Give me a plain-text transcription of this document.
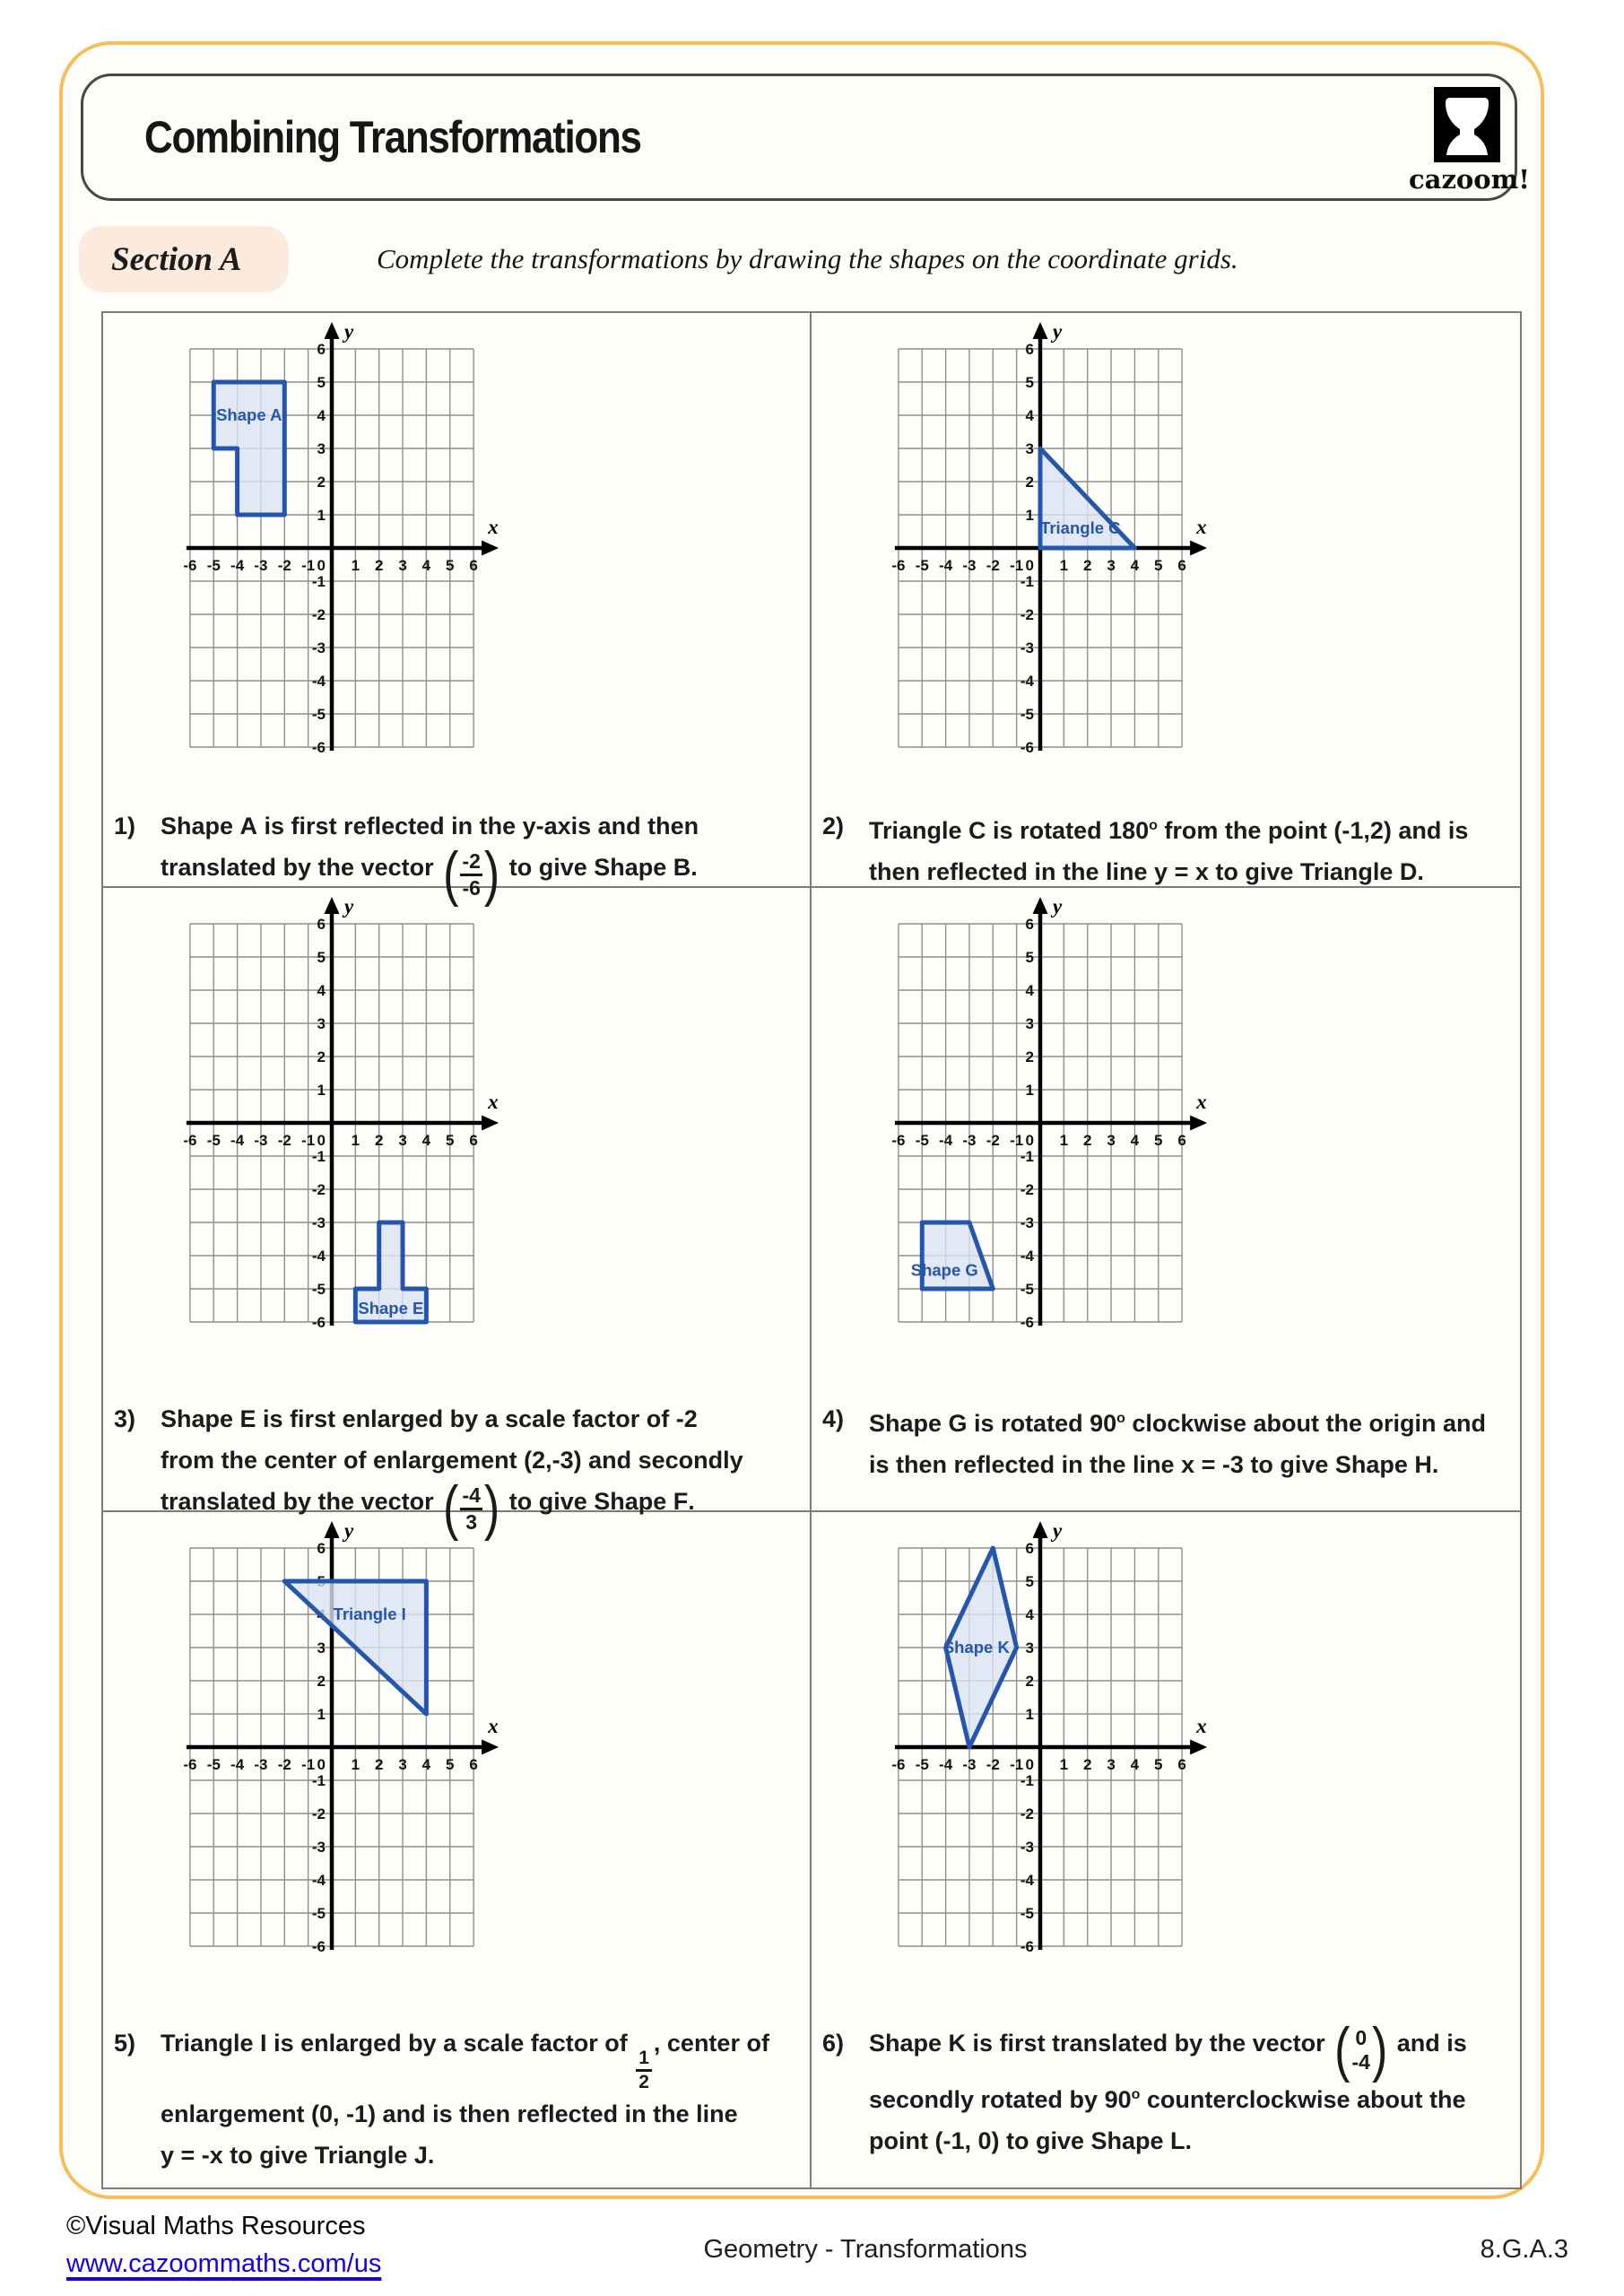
Combining Transformations
cazoom!
Section A	Complete the transformations by drawing the shapes on the coordinate grids.
-6
-6
-5
-5
-4
-4
-3
-3
-2
-2
-1
-1
0 1
1
2
2
3
3
4
4
5
5
6
6
x
y
Shape A
1)	Shape A is first reflected in the y-axis and then
translated by the vector ( -2
-6 ) to give Shape B.
-6
-6
-5
-5
-4
-4
-3
-3
-2
-2
-1
-1
0 1
1
2
2
3
3
4
4
5
5
6
6
x
y
Triangle C
2)	Triangle C is rotated 180$^o$ from the point (-1,2) and is
then reflected in the line y = x to give Triangle D.
-6
-6
-5
-5
-4
-4
-3
-3
-2
-2
-1
-1
0 1
1
2
2
3
3
4
4
5
5
6
6
x
y
Shape E
3)	Shape E is first enlarged by a scale factor of -2
from the center of enlargement (2,-3) and secondly
translated by the vector ( -4
3 ) to give Shape F.
-6
-6
-5
-5
-4
-4
-3
-3
-2
-2
-1
-1
0 1
1
2
2
3
3
4
4
5
5
6
6
x
y
Shape G
4)	Shape G is rotated 90$^o$ clockwise about the origin and
is then reflected in the line x = -3 to give Shape H.
-6
-6
-5
-5
-4
-4
-3
-3
-2
-2
-1
-1
0 1
1
2
2
3
3
4 5 6
6
x
y
Triangle I
5)	Triangle I is enlarged by a scale factor of
$\frac{1}{2}$
, center of
enlargement (0, -1) and is then reflected in the line
y = -x to give Triangle J.
-6
-6
-5
-5
-4
-4
-3
-3
-2
-2
-1
-1
0 1
1
2
2
3
3
4
4
5
5
6
6
x
y
Shape K
6)	Shape K is first translated by the vector ( 0
-4 ) and is
secondly rotated by 90$^o$ counterclockwise about the
point (-1, 0) to give Shape L.
©Visual Maths Resources
www.cazoommaths.com/us	Geometry - Transformations	8.G.A.3
